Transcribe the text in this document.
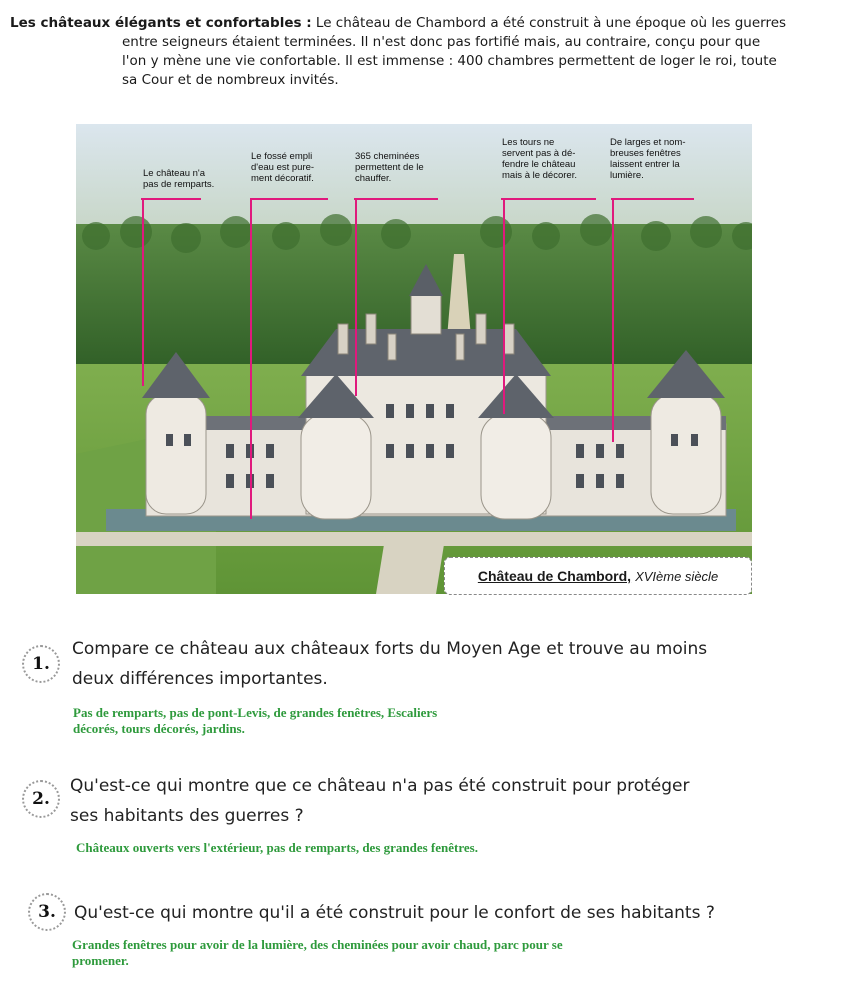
Les châteaux élégants et confortables : Le château de Chambord a été construit à une époque où les guerres
entre seigneurs étaient terminées. Il n'est donc pas fortifié mais, au contraire, conçu pour que
l'on y mène une vie confortable. Il est immense : 400 chambres permettent de loger le roi, toute
sa Cour et de nombreux invités.
Le château n'a
pas de remparts.
Le fossé empli
d'eau est pure-
ment décoratif.
365 cheminées
permettent de le
chauffer.
Les tours ne
servent pas à dé-
fendre le château
mais à le décorer.
De larges et nom-
breuses fenêtres
laissent entrer la
lumière.
Château de Chambord, XVIème siècle
1.
Compare ce château aux châteaux forts du Moyen Age et trouve au moins
deux différences importantes.
Pas de remparts, pas de pont-Levis, de grandes fenêtres, Escaliers
décorés, tours décorés, jardins.
2.
Qu'est-ce qui montre que ce château n'a pas été construit pour protéger
ses habitants des guerres ?
Châteaux ouverts vers l'extérieur, pas de remparts, des grandes fenêtres.
3.	Qu'est-ce qui montre qu'il a été construit pour le confort de ses habitants ?
Grandes fenêtres pour avoir de la lumière, des cheminées pour avoir chaud, parc pour se
promener.
